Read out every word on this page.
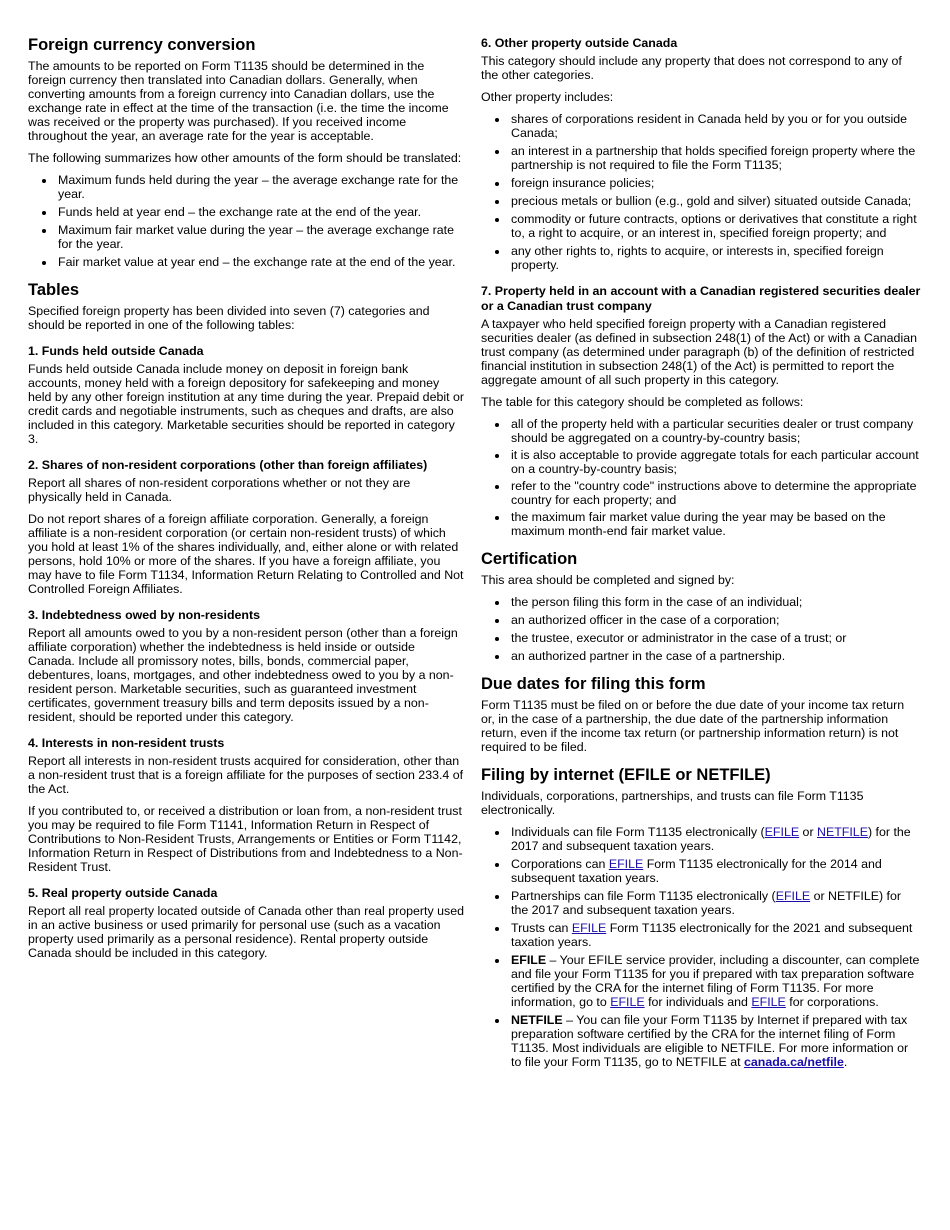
Foreign currency conversion

The amounts to be reported on Form T1135 should be determined in the foreign currency then translated into Canadian dollars. Generally, when converting amounts from a foreign currency into Canadian dollars, use the exchange rate in effect at the time of the transaction (i.e. the time the income was received or the property was purchased). If you received income throughout the year, an average rate for the year is acceptable.

The following summarizes how other amounts of the form should be translated:

• Maximum funds held during the year – the average exchange rate for the year.
• Funds held at year end – the exchange rate at the end of the year.
• Maximum fair market value during the year – the average exchange rate for the year.
• Fair market value at year end – the exchange rate at the end of the year.
Tables

Specified foreign property has been divided into seven (7) categories and should be reported in one of the following tables:

1. Funds held outside Canada

Funds held outside Canada include money on deposit in foreign bank accounts, money held with a foreign depository for safekeeping and money held by any other foreign institution at any time during the year. Prepaid debit or credit cards and negotiable instruments, such as cheques and drafts, are also included in this category. Marketable securities should be reported in category 3.

2. Shares of non-resident corporations (other than foreign affiliates)

Report all shares of non-resident corporations whether or not they are physically held in Canada.

Do not report shares of a foreign affiliate corporation. Generally, a foreign affiliate is a non-resident corporation (or certain non-resident trusts) of which you hold at least 1% of the shares individually, and, either alone or with related persons, hold 10% or more of the shares. If you have a foreign affiliate, you may have to file Form T1134, Information Return Relating to Controlled and Not Controlled Foreign Affiliates.

3. Indebtedness owed by non-residents

Report all amounts owed to you by a non-resident person (other than a foreign affiliate corporation) whether the indebtedness is held inside or outside Canada. Include all promissory notes, bills, bonds, commercial paper, debentures, loans, mortgages, and other indebtedness owed to you by a non-resident person. Marketable securities, such as guaranteed investment certificates, government treasury bills and term deposits issued by a non-resident, should be reported under this category.

4. Interests in non-resident trusts

Report all interests in non-resident trusts acquired for consideration, other than a non-resident trust that is a foreign affiliate for the purposes of section 233.4 of the Act.

If you contributed to, or received a distribution or loan from, a non-resident trust you may be required to file Form T1141, Information Return in Respect of Contributions to Non-Resident Trusts, Arrangements or Entities or Form T1142, Information Return in Respect of Distributions from and Indebtedness to a Non-Resident Trust.

5. Real property outside Canada

Report all real property located outside of Canada other than real property used in an active business or used primarily for personal use (such as a vacation property used primarily as a personal residence). Rental property outside Canada should be included in this category.

6. Other property outside Canada

This category should include any property that does not correspond to any of the other categories.

Other property includes:

• shares of corporations resident in Canada held by you or for you outside Canada;
• an interest in a partnership that holds specified foreign property where the partnership is not required to file the Form T1135;
• foreign insurance policies;
• precious metals or bullion (e.g., gold and silver) situated outside Canada;
• commodity or future contracts, options or derivatives that constitute a right to, a right to acquire, or an interest in, specified foreign property; and
• any other rights to, rights to acquire, or interests in, specified foreign property.
7. Property held in an account with a Canadian registered securities dealer or a Canadian trust company

A taxpayer who held specified foreign property with a Canadian registered securities dealer (as defined in subsection 248(1) of the Act) or with a Canadian trust company (as determined under paragraph (b) of the definition of restricted financial institution in subsection 248(1) of the Act) is permitted to report the aggregate amount of all such property in this category.

The table for this category should be completed as follows:

• all of the property held with a particular securities dealer or trust company should be aggregated on a country-by-country basis;
• it is also acceptable to provide aggregate totals for each particular account on a country-by-country basis;
• refer to the "country code" instructions above to determine the appropriate country for each property; and
• the maximum fair market value during the year may be based on the maximum month-end fair market value.
Certification

This area should be completed and signed by:

• the person filing this form in the case of an individual;
• an authorized officer in the case of a corporation;
• the trustee, executor or administrator in the case of a trust; or
• an authorized partner in the case of a partnership.
Due dates for filing this form

Form T1135 must be filed on or before the due date of your income tax return or, in the case of a partnership, the due date of the partnership information return, even if the income tax return (or partnership information return) is not required to be filed.

Filing by internet (EFILE or NETFILE)

Individuals, corporations, partnerships, and trusts can file Form T1135 electronically.

• Individuals can file Form T1135 electronically (EFILE or NETFILE) for the 2017 and subsequent taxation years.
• Corporations can EFILE Form T1135 electronically for the 2014 and subsequent taxation years.
• Partnerships can file Form T1135 electronically (EFILE or NETFILE) for the 2017 and subsequent taxation years.
• Trusts can EFILE Form T1135 electronically for the 2021 and subsequent taxation years.
• EFILE – Your EFILE service provider, including a discounter, can complete and file your Form T1135 for you if prepared with tax preparation software certified by the CRA for the internet filing of Form T1135. For more information, go to EFILE for individuals and EFILE for corporations.
• NETFILE – You can file your Form T1135 by Internet if prepared with tax preparation software certified by the CRA for the internet filing of Form T1135. Most individuals are eligible to NETFILE. For more information or to file your Form T1135, go to NETFILE at canada.ca/netfile.
